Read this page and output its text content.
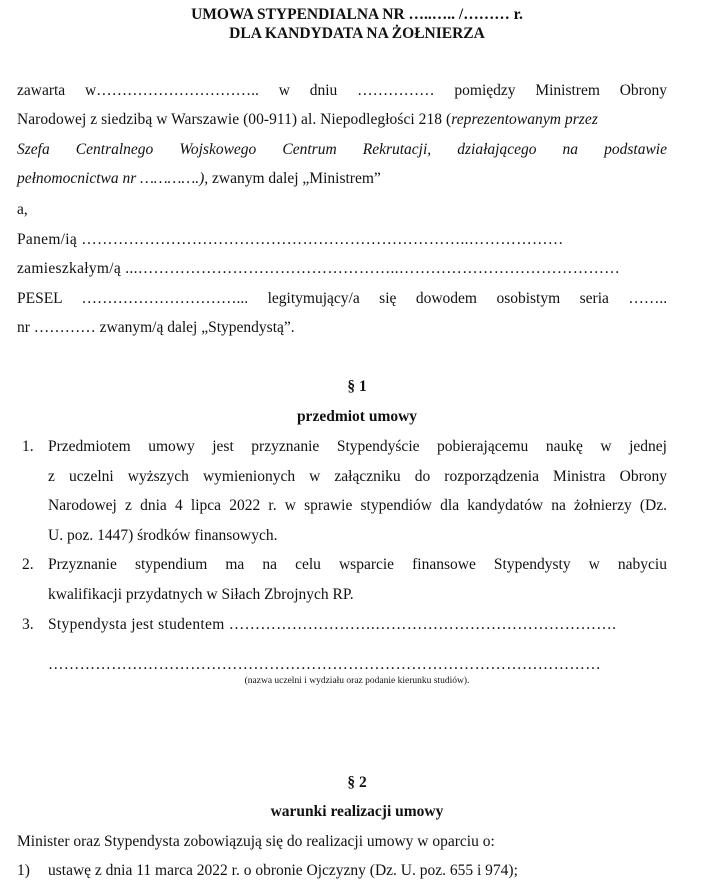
UMOWA STYPENDIALNA NR …..….. /……… r.
DLA KANDYDATA NA ŻOŁNIERZA
zawarta w………………………….. w dniu …………… pomiędzy Ministrem Obrony
Narodowej z siedzibą w Warszawie (00-911) al. Niepodległości 218 (reprezentowanym przez
Szefa Centralnego Wojskowego Centrum Rekrutacji, działającego na podstawie
pełnomocnictwa nr ………….), zwanym dalej „Ministrem”
a,
Panem/ią ………………………………………………………………..………………
zamieszkałym/ą ...…………………………………………..……………………………………
PESEL …………………………... legitymujący/a się dowodem osobistym seria ……..
nr ………… zwanym/ą dalej „Stypendystą”.
§ 1
przedmiot umowy
1. Przedmiotem umowy jest przyznanie Stypendyście pobierającemu naukę w jednej
z uczelni wyższych wymienionych w załączniku do rozporządzenia Ministra Obrony
Narodowej z dnia 4 lipca 2022 r. w sprawie stypendiów dla kandydatów na żołnierzy (Dz.
U. poz. 1447) środków finansowych.
2. Przyznanie stypendium ma na celu wsparcie finansowe Stypendysty w nabyciu
kwalifikacji przydatnych w Siłach Zbrojnych RP.
3. Stypendysta jest studentem ……………………….……………………………………….
……………………………………………………………………………………………
(nazwa uczelni i wydziału oraz podanie kierunku studiów).
§ 2
warunki realizacji umowy
Minister oraz Stypendysta zobowiązują się do realizacji umowy w oparciu o:
1) ustawę z dnia 11 marca 2022 r. o obronie Ojczyzny (Dz. U. poz. 655 i 974);
